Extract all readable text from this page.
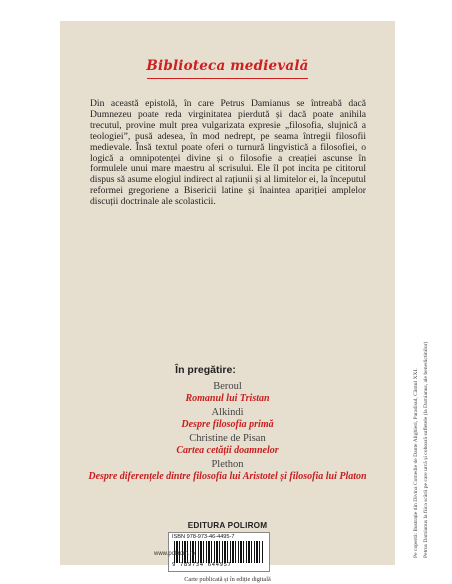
Biblioteca medievală
Din această epistolă, în care Petrus Damianus se întreabă dacă Dumnezeu poate reda virginitatea pierdută și dacă poate anihila trecutul, provine mult prea vulgarizata expresie „filosofia, slujnică a teologiei”, pusă adesea, în mod nedrept, pe seama întregii filosofii medievale. Însă textul poate oferi o turnură lingvistică a filosofiei, o logică a omnipotenței divine și o filosofie a creației ascunse în formulele unui mare maestru al scrisului. Ele îl pot incita pe cititorul dispus să asume elogiul indirect al rațiunii și al limitelor ei, la începutul reformei gregoriene a Bisericii latine și înaintea apariției amplelor discuții doctrinale ale scolasticii.
În pregătire:
Beroul
Romanul lui Tristan
Alkindi
Despre filosofia primă
Christine de Pisan
Cartea cetății doamnelor
Plethon
Despre diferențele dintre filosofia lui Aristotel și filosofia lui Platon
EDITURA POLIROM
ISBN 978-973-46-4495-7
9 789734 644957
www.polirom.ro
Carte publicată și în ediție digitală
Pe copertă: Ilustrație din Divina Comedie de Dante Alighieri, Paradisul, Cântul XXI. Petrus Damianus la fiica scării pe care urcă și coboară sufletele (la Damianus, ale benedictinilor)
